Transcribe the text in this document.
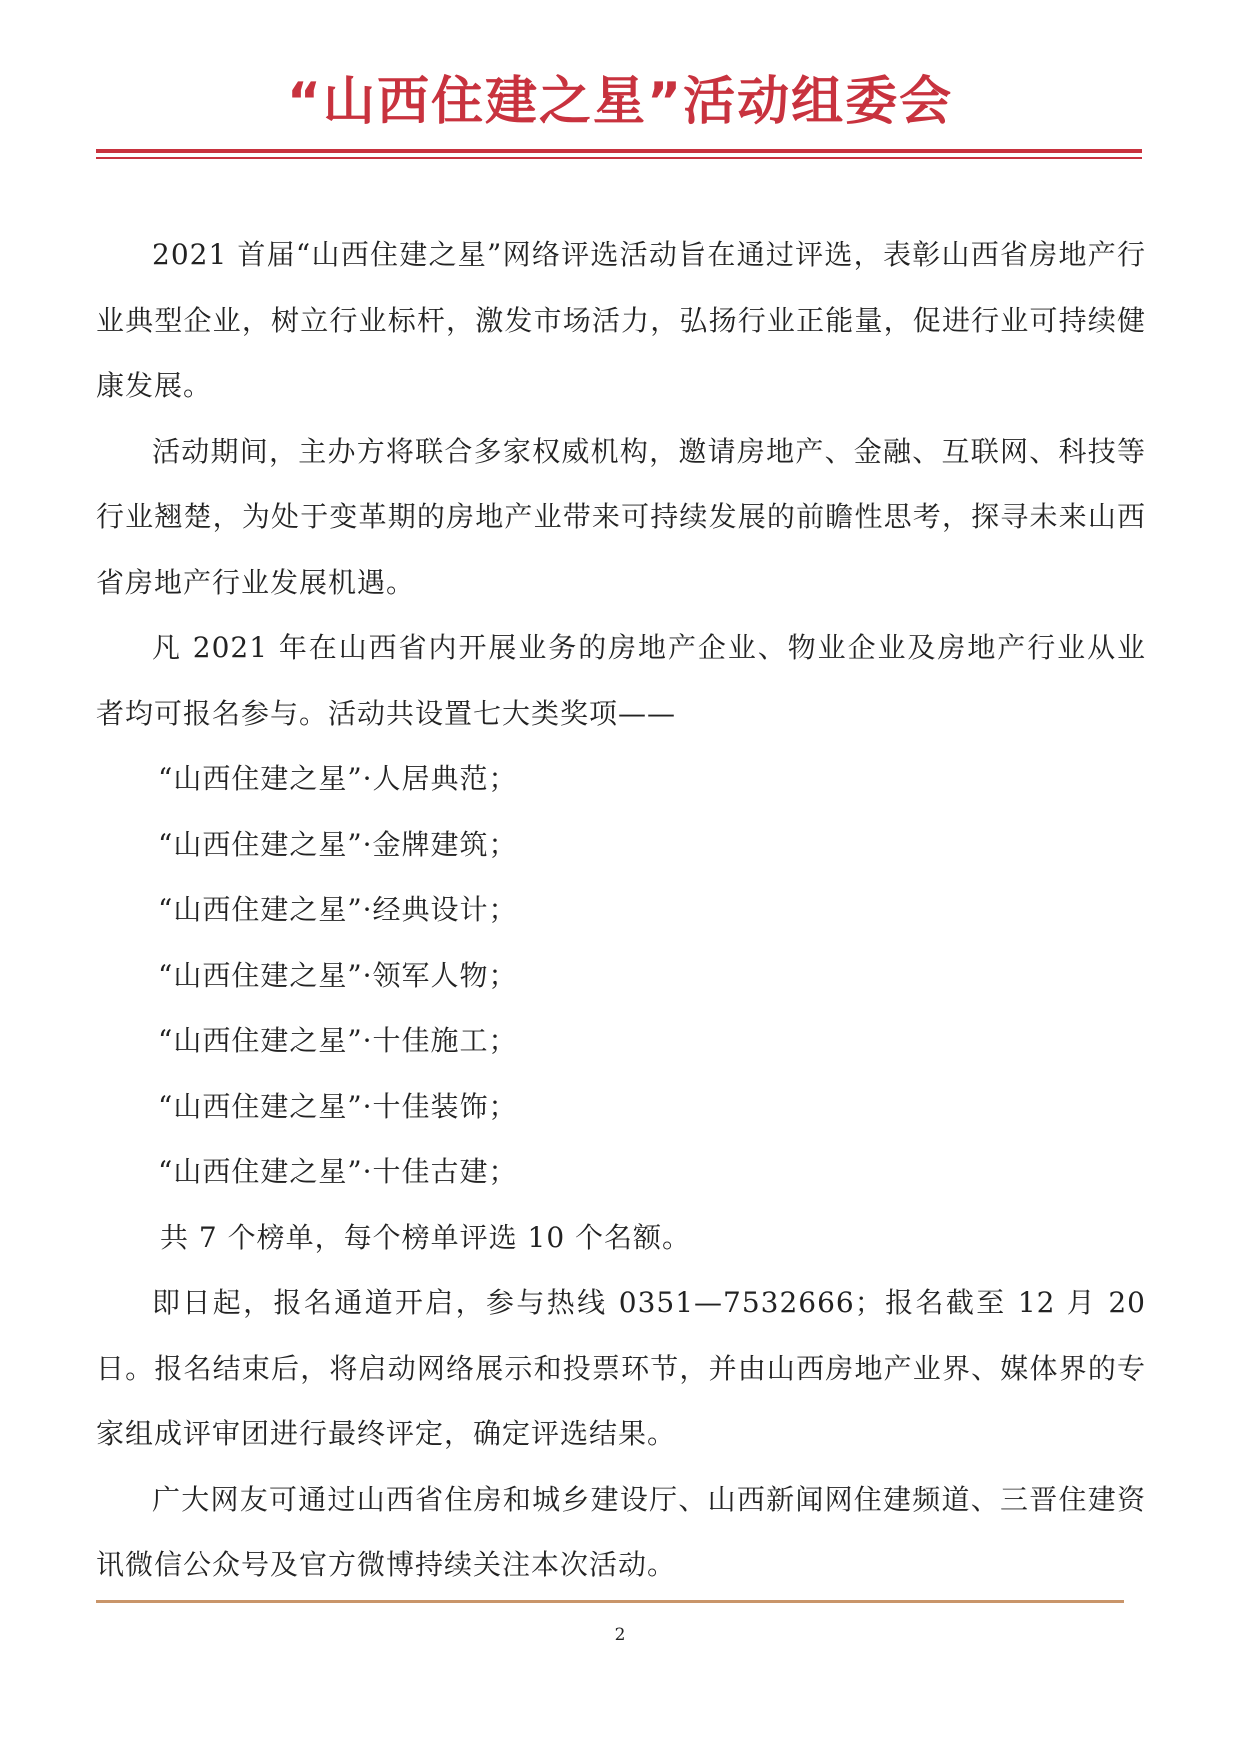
“山西住建之星”活动组委会

2021 首届“山西住建之星”网络评选活动旨在通过评选，表彰山西省房地产行业典型企业，树立行业标杆，激发市场活力，弘扬行业正能量，促进行业可持续健康发展。

活动期间，主办方将联合多家权威机构，邀请房地产、金融、互联网、科技等行业翘楚，为处于变革期的房地产业带来可持续发展的前瞻性思考，探寻未来山西省房地产行业发展机遇。

凡 2021 年在山西省内开展业务的房地产企业、物业企业及房地产行业从业者均可报名参与。活动共设置七大类奖项——

“山西住建之星”·人居典范；
“山西住建之星”·金牌建筑；
“山西住建之星”·经典设计；
“山西住建之星”·领军人物；
“山西住建之星”·十佳施工；
“山西住建之星”·十佳装饰；
“山西住建之星”·十佳古建；

共 7 个榜单，每个榜单评选 10 个名额。

即日起，报名通道开启，参与热线 0351—7532666；报名截至 12 月 20 日。报名结束后，将启动网络展示和投票环节，并由山西房地产业界、媒体界的专家组成评审团进行最终评定，确定评选结果。

广大网友可通过山西省住房和城乡建设厅、山西新闻网住建频道、三晋住建资讯微信公众号及官方微博持续关注本次活动。

2
